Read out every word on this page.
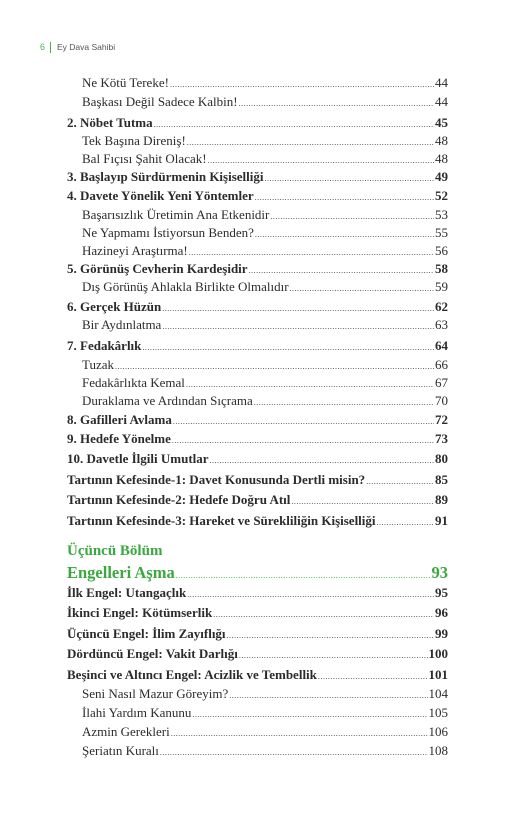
6 Ey Dava Sahibi
Ne Kötü Tereke! .....	44
Başkası Değil Sadece Kalbin! .....	44
2. Nöbet Tutma .....	45
Tek Başına Direniş! .....	48
Bal Fıçısı Şahit Olacak! .....	48
3. Başlayıp Sürdürmenin Kişiselliği .....	49
4. Davete Yönelik Yeni Yöntemler .....	52
Başarısızlık Üretimin Ana Etkenidir .....	53
Ne Yapmamı İstiyorsun Benden? .....	55
Hazineyi Araştırma! .....	56
5. Görünüş Cevherin Kardeşidir .....	58
Dış Görünüş Ahlakla Birlikte Olmalıdır .....	59
6. Gerçek Hüzün .....	62
Bir Aydınlatma .....	63
7. Fedakârlık .....	64
Tuzak .....	66
Fedakârlıkta Kemal .....	67
Duraklama ve Ardından Sıçrama .....	70
8. Gafilleri Avlama .....	72
9. Hedefe Yönelme .....	73
10. Davetle İlgili Umutlar .....	80
Tartının Kefesinde-1: Davet Konusunda Dertli misin? .....	85
Tartının Kefesinde-2: Hedefe Doğru Atıl .....	89
Tartının Kefesinde-3: Hareket ve Sürekliliğin Kişiselliği .....	91
Engelleri Aşma .....	93
İlk Engel: Utangaçlık .....	95
İkinci Engel: Kötümserlik .....	96
Üçüncü Engel: İlim Zayıflığı .....	99
Dördüncü Engel: Vakit Darlığı .....	100
Beşinci ve Altıncı Engel: Acizlik ve Tembellik .....	101
Seni Nasıl Mazur Göreyim? .....	104
İlahi Yardım Kanunu .....	105
Azmin Gerekleri .....	106
Şeriatın Kuralı .....	108
Üçüncü Bölüm
